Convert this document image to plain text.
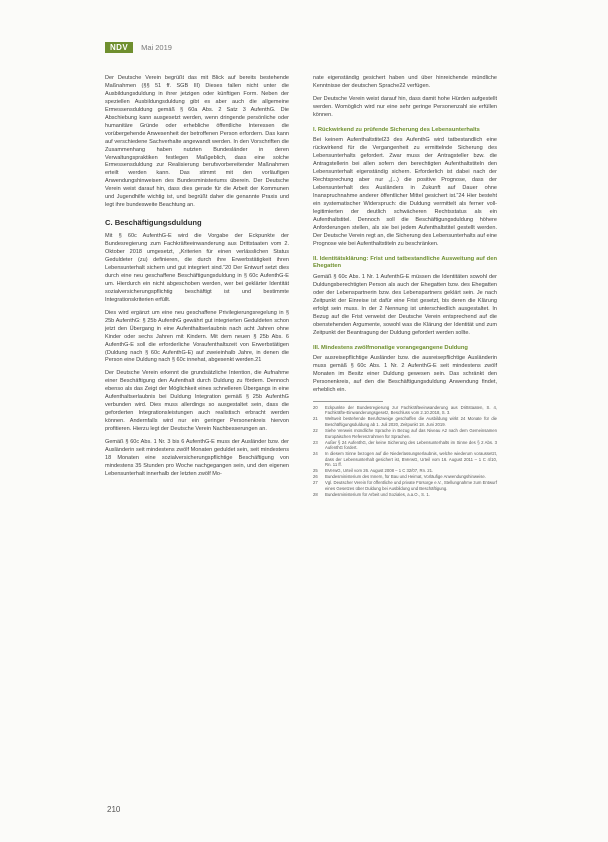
NDV	Mai 2019

Der Deutsche Verein begrüßt das mit Blick auf bereits bestehende Maßnahmen (§§ 51 ff. SGB III) Dieses fallen nicht unter die Ausbildungsduldung in ihrer jetzigen oder künftigen Form. Neben der speziellen Ausbildungsduldung gibt es aber auch die allgemeine Ermessensduldung gemäß § 60a Abs. 2 Satz 3 AufenthG. Die Abschiebung kann ausgesetzt werden, wenn dringende persönliche oder humanitäre Gründe oder erhebliche öffentliche Interessen die vorübergehende Anwesenheit der betroffenen Person erfordern. Das kann auf verschiedene Sachverhalte angewandt werden. In den Vorschriften die Zusammenhang haben nutzten Bundesländer in deren Verwaltungspraktiken festlegen Maßgeblich, dass eine solche Ermessensduldung zur Realisierung berufsvorbereitender Maßnahmen erteilt werden kann. Das stimmt mit den vorläufigen Anwendungshinweisen des Bundesministeriums überein. Der Deutsche Verein weist darauf hin, dass dies gerade für die Arbeit der Kommunen und Jugendhilfe wichtig ist, und begrüßt daher die genannte Praxis und legt ihre bundesweite Beachtung an.

C. Beschäftigungsduldung

Mit § 60c AufenthG-E wird die Vorgabe der Eckpunkte der Bundesregierung zum Fachkräfteeinwanderung aus Drittstaaten vom 2. Oktober 2018 umgesetzt, „Kriterien für einen verlässlichen Status Geduldeter (zu) definieren, die durch ihre Erwerbstätigkeit ihren Lebensunterhalt sichern und gut integriert sind.“20 Der Entwurf setzt dies durch eine neu geschaffene Beschäftigungsduldung in § 60c AufenthG-E um. Hierdurch ein nicht abgeschoben werden, wer bei geklärter Identität sozialversicherungspflichtig beschäftigt ist und bestimmte Integrationskriterien erfüllt.

Dies wird ergänzt um eine neu geschaffene Privilegierungsregelung in § 25b AufenthG: § 25b AufenthG gewährt gut integrierten Geduldeten schon jetzt den Übergang in eine Aufenthaltserlaubnis nach acht Jahren ohne Kinder oder sechs Jahren mit Kindern. Mit dem neuen § 25b Abs. 6 AufenthG-E soll die erforderliche Voraufenthaltszeit von Erwerbstätigen (Duldung nach § 60c AufenthG-E) auf zweieinhalb Jahre, in denen die Person eine Duldung nach § 60c innehat, abgesenkt werden.21

Der Deutsche Verein erkennt die grundsätzliche Intention, die Aufnahme einer Beschäftigung den Aufenthalt durch Duldung zu fördern. Dennoch ebenso als das Zeigt der Möglichkeit eines schnelleren Übergangs in eine Aufenthaltserlaubnis bei Duldung Integration gemäß § 25b AufenthG verbunden wird. Dies muss allerdings so ausgestaltet sein, dass die geforderten Integrationsleistungen auch realistisch erbracht werden können. Andernfalls wird nur ein geringer Personenkreis hiervon profitieren. Hierzu legt der Deutsche Verein Nachbesserungen an.

Gemäß § 60c Abs. 1 Nr. 3 bis 6 AufenthG-E muss der Ausländer bzw. der Ausländerin seit mindestens zwölf Monaten geduldet sein, seit mindestens 18 Monaten eine sozialversicherungspflichtige Beschäftigung von mindestens 35 Stunden pro Woche nachgegangen sein, und den eigenen Lebensunterhalt innerhalb der letzten zwölf Mo-

nate eigenständig gesichert haben und über hinreichende mündliche Kenntnisse der deutschen Sprache22 verfügen.

Der Deutsche Verein weist darauf hin, dass damit hohe Hürden aufgestellt werden. Womöglich wird nur eine sehr geringe Personenzahl sie erfüllen können.

I. Rückwirkend zu prüfende Sicherung des Lebensunterhalts

Bei keinem Aufenthaltstitel23 des AufenthG wird tatbestandlich eine rückwirkend für die Vergangenheit zu ermittelnde Sicherung des Lebensunterhalts gefordert. Zwar muss der Antragsteller bzw. die Antragstellerin bei allen sofern den berechtigten Aufenthaltstiteln den Lebensunterhalt eigenständig sichern. Erforderlich ist dabei nach der Rechtsprechung aber nur „(...) die positive Prognose, dass der Lebensunterhalt des Ausländers in Zukunft auf Dauer ohne Inanspruchnahme anderer öffentlicher Mittel gesichert ist.“24 Hier besteht ein systematischer Widerspruch: die Duldung vermittelt als ferner voll-legitimierten der deutlich schwächeren Rechtsstatus als ein Aufenthaltstitel. Dennoch soll die Beschäftigungsduldung höhere Anforderungen stellen, als sie bei jedem Aufenthaltstitel gestellt werden. Der Deutsche Verein regt an, die Sicherung des Lebensunterhalts auf eine Prognose wie bei Aufenthaltstiteln zu beschränken.

II. Identitätsklärung: Frist und tatbestandliche Ausweitung auf den Ehegatten

Gemäß § 60c Abs. 1 Nr. 1 AufenthG-E müssen die Identitäten sowohl der Duldungsberechtigten Person als auch der Ehegatten bzw. des Ehegatten oder der Lebenspartnerin bzw. des Lebenspartners geklärt sein. Je nach Zeitpunkt der Einreise ist dafür eine Frist gesetzt, bis deren die Klärung erfolgt sein muss. In der 2 Nennung ist unterschiedlich ausgestaltet. In Bezug auf die Frist verweist der Deutsche Verein entsprechend auf die obenstehenden Argumente, sowohl was die Klärung der Identität und zum Zeitpunkt der Beantragung der Duldung gefordert werden sollte.

III. Mindestens zwölfmonatige vorangegangene Duldung

Der ausreisepflichtige Ausländer bzw. die ausreisepflichtige Ausländerin muss gemäß § 60c Abs. 1 Nr. 2 AufenthG-E seit mindestens zwölf Monaten im Besitz einer Duldung gewesen sein. Das schränkt den Personenkreis, auf den die Beschäftigungsduldung Anwendung findet, erheblich ein.

20	Eckpunkte der Bundesregierung zur Fachkräfteeinwanderung aus Drittstaaten, S. 4, Fachkräfte-Einwanderungsgesetz, Beschluss vom 2.10.2018, S. 3.
21	Weltweit bestehende Berufszweige geschaffen die Ausbildung wirkt 24 Monate für die Beschäftigungsduldung ab 1. Juli 2020, Zeitpunkt 18. Juni 2019.
22	Siehe Verweis mündliche Sprache in Bezug auf das Niveau A2 nach dem Gemeinsamen Europäischen Referenzrahmen für Sprachen.
23	Außer § 24 AufenthG, der keine Sicherung des Lebensunterhalts im Sinne des § 2 Abs. 3 AufenthG fordert.
24	In diesem Sinne bezogen auf die Niederlassungserlaubnis, welche wiederum voraussetzt, dass der Lebensunterhalt gesichert ist, BVerwG, Urteil vom 16. August 2011 – 1 C 4/10, Rn. 11 ff.
25	BVerwG, Urteil vom 26. August 2008 – 1 C 32/07, Rn. 21.
26	Bundesministerium des Innern, für Bau und Heimat, Vorläufige Anwendungshinweise.
27	Vgl. Deutscher Verein für öffentliche und private Fürsorge e.V., Stellungnahme zum Entwurf eines Gesetzes über Duldung bei Ausbildung und Beschäftigung.
28	Bundesministerium für Arbeit und Soziales, a.a.O., S. 1.
210
